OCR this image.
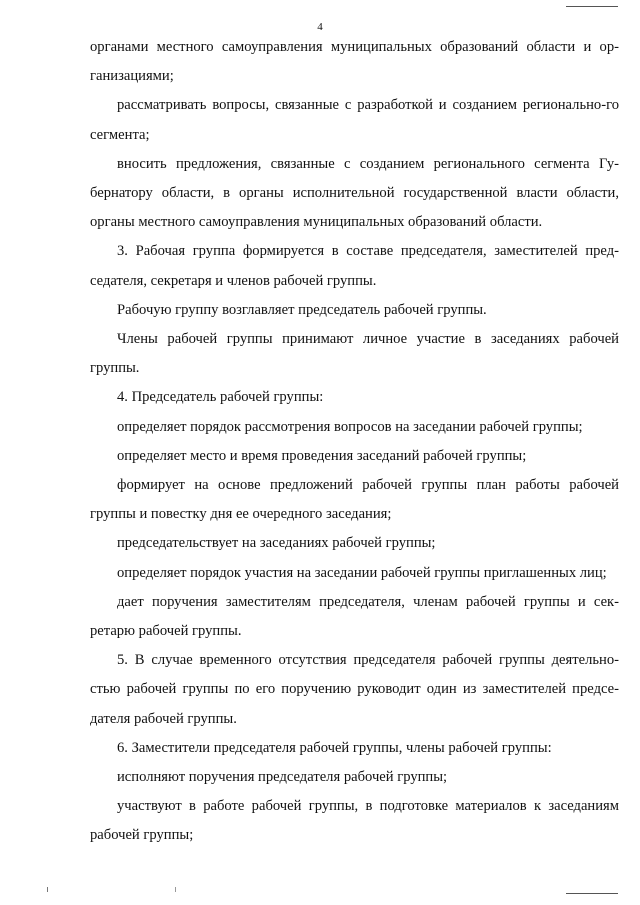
4

органами местного самоуправления муниципальных образований области и ор-ганизациями;

рассматривать вопросы, связанные с разработкой и созданием регионально-го сегмента;

вносить предложения, связанные с созданием регионального сегмента Гу-бернатору области, в органы исполнительной государственной власти области, органы местного самоуправления муниципальных образований области.

3. Рабочая группа формируется в составе председателя, заместителей пред-седателя, секретаря и членов рабочей группы.

Рабочую группу возглавляет председатель рабочей группы.

Члены рабочей группы принимают личное участие в заседаниях рабочей группы.

4. Председатель рабочей группы:

определяет порядок рассмотрения вопросов на заседании рабочей группы;

определяет место и время проведения заседаний рабочей группы;

формирует на основе предложений рабочей группы план работы рабочей группы и повестку дня ее очередного заседания;

председательствует на заседаниях рабочей группы;

определяет порядок участия на заседании рабочей группы приглашенных лиц;

дает поручения заместителям председателя, членам рабочей группы и сек-ретарю рабочей группы.

5. В случае временного отсутствия председателя рабочей группы деятельно-стью рабочей группы по его поручению руководит один из заместителей предсе-дателя рабочей группы.

6. Заместители председателя рабочей группы, члены рабочей группы:

исполняют поручения председателя рабочей группы;

участвуют в работе рабочей группы, в подготовке материалов к заседаниям рабочей группы;
